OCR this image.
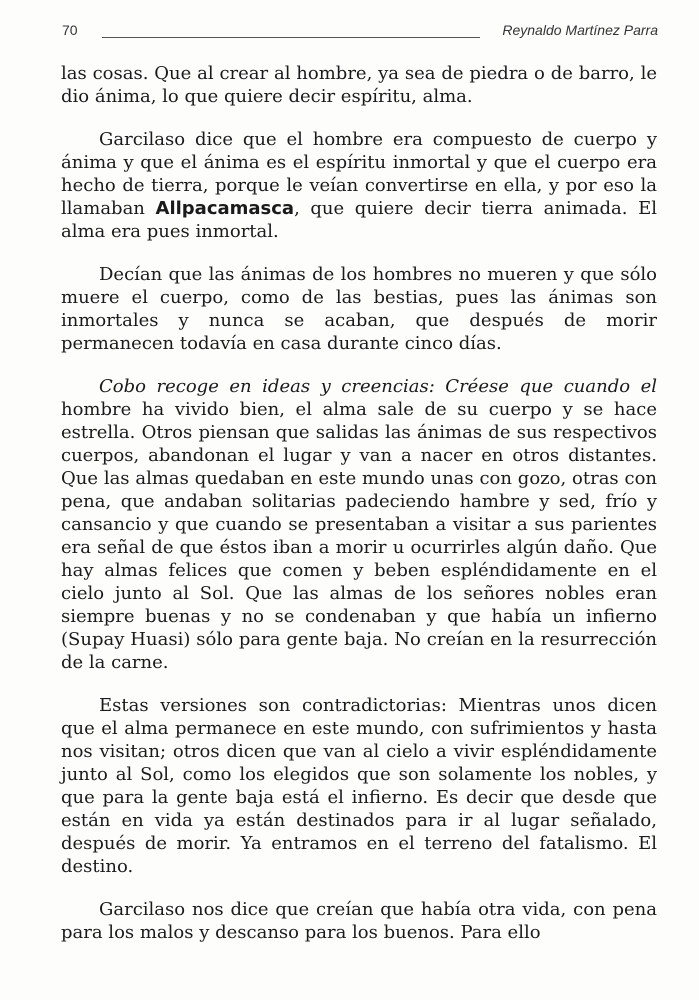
70	Reynaldo Martínez Parra

las cosas. Que al crear al hombre, ya sea de piedra o de barro, le dio ánima, lo que quiere decir espíritu, alma.

Garcilaso dice que el hombre era compuesto de cuerpo y ánima y que el ánima es el espíritu inmortal y que el cuerpo era hecho de tierra, porque le veían convertirse en ella, y por eso la llamaban Allpacamasca, que quiere decir tierra animada. El alma era pues inmortal.

Decían que las ánimas de los hombres no mueren y que sólo muere el cuerpo, como de las bestias, pues las ánimas son inmortales y nunca se acaban, que después de morir permanecen todavía en casa durante cinco días.

Cobo recoge en ideas y creencias: Créese que cuando el hombre ha vivido bien, el alma sale de su cuerpo y se hace estrella. Otros piensan que salidas las ánimas de sus respectivos cuerpos, abandonan el lugar y van a nacer en otros distantes. Que las almas quedaban en este mundo unas con gozo, otras con pena, que andaban solitarias padeciendo hambre y sed, frío y cansancio y que cuando se presentaban a visitar a sus parientes era señal de que éstos iban a morir u ocurrirles algún daño. Que hay almas felices que comen y beben espléndidamente en el cielo junto al Sol. Que las almas de los señores nobles eran siempre buenas y no se condenaban y que había un infierno (Supay Huasi) sólo para gente baja. No creían en la resurrección de la carne.

Estas versiones son contradictorias: Mientras unos dicen que el alma permanece en este mundo, con sufrimientos y hasta nos visitan; otros dicen que van al cielo a vivir espléndidamente junto al Sol, como los elegidos que son solamente los nobles, y que para la gente baja está el infierno. Es decir que desde que están en vida ya están destinados para ir al lugar señalado, después de morir. Ya entramos en el terreno del fatalismo. El destino.

Garcilaso nos dice que creían que había otra vida, con pena para los malos y descanso para los buenos. Para ello
